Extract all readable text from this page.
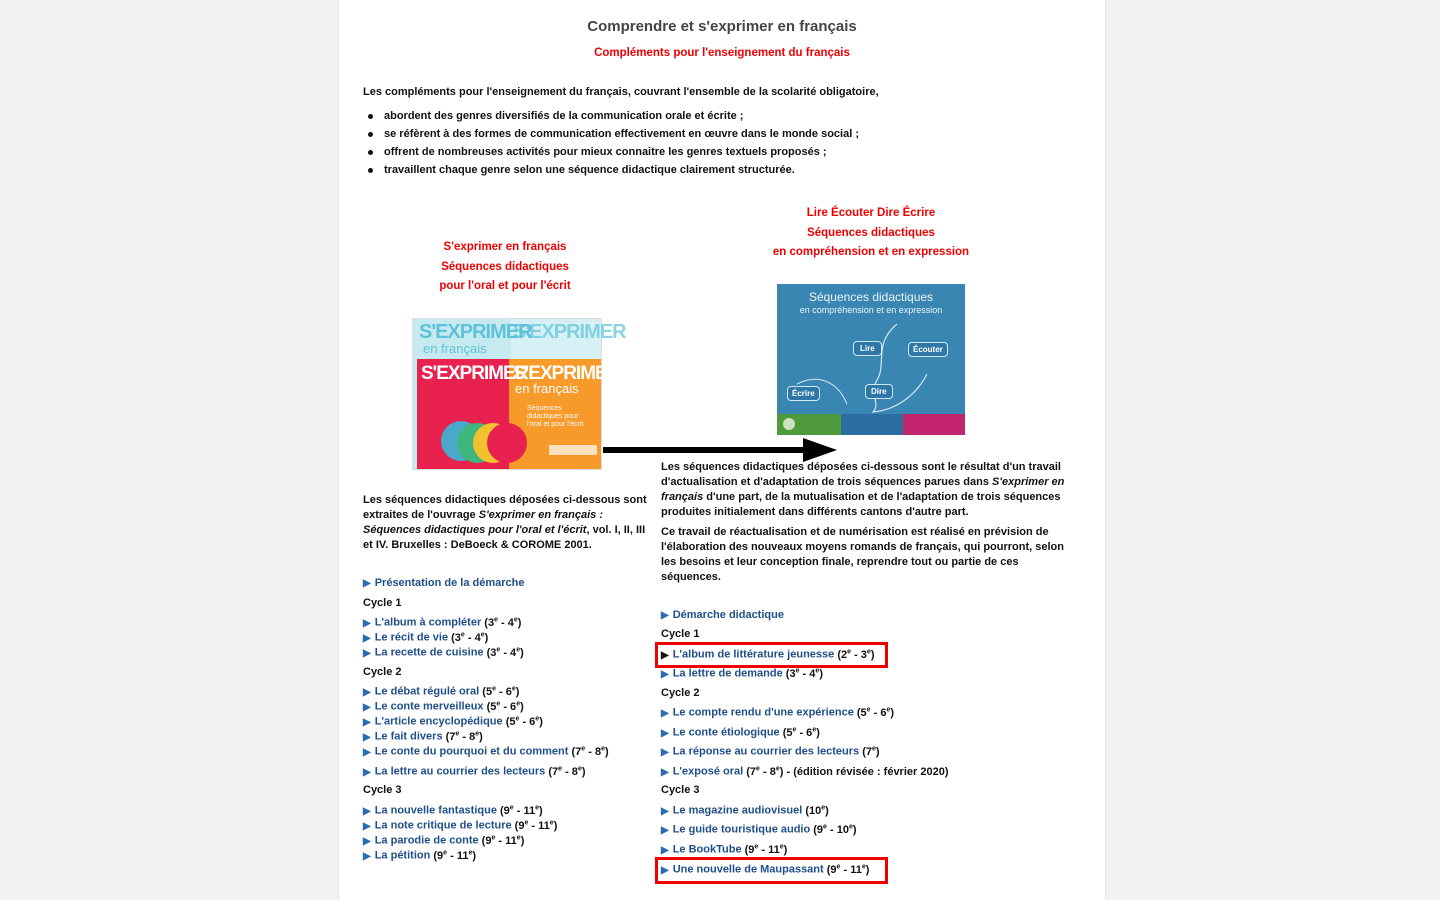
Comprendre et s'exprimer en français
Compléments pour l'enseignement du français
Les compléments pour l'enseignement du français, couvrant l'ensemble de la scolarité obligatoire,
abordent des genres diversifiés de la communication orale et écrite ;
se réfèrent à des formes de communication effectivement en œuvre dans le monde social ;
offrent de nombreuses activités pour mieux connaitre les genres textuels proposés ;
travaillent chaque genre selon une séquence didactique clairement structurée.
S'exprimer en français
Séquences didactiques
pour l'oral et pour l'écrit
S'EXPRIMER
S'EXPRIMER
en français
S'EXPRIMER
S'EXPRIMER
en français
Séquences didactiques pour l'oral et pour l'écrit
Les séquences didactiques déposées ci-dessous sont extraites de l'ouvrage S'exprimer en français : Séquences didactiques pour l'oral et l'écrit, vol. I, II, III et IV. Bruxelles : DeBoeck & COROME 2001.
▶ Présentation de la démarche
Cycle 1
▶ L'album à compléter (3e - 4e)
▶ Le récit de vie (3e - 4e)
▶ La recette de cuisine (3e - 4e)
Cycle 2
▶ Le débat régulé oral (5e - 6e)
▶ Le conte merveilleux (5e - 6e)
▶ L'article encyclopédique (5e - 6e)
▶ Le fait divers (7e - 8e)
▶ Le conte du pourquoi et du comment (7e - 8e)
▶ La lettre au courrier des lecteurs (7e - 8e)
Cycle 3
▶ La nouvelle fantastique (9e - 11e)
▶ La note critique de lecture (9e - 11e)
▶ La parodie de conte (9e - 11e)
▶ La pétition (9e - 11e)
Lire Écouter Dire Écrire
Séquences didactiques
en compréhension et en expression
Séquences didactiques
en compréhension et en expression
Lire	Écouter
Dire
Écrire
Les séquences didactiques déposées ci-dessous sont le résultat d'un travail d'actualisation et d'adaptation de trois séquences parues dans S'exprimer en français d'une part, de la mutualisation et de l'adaptation de trois séquences produites initialement dans différents cantons d'autre part.
Ce travail de réactualisation et de numérisation est réalisé en prévision de l'élaboration des nouveaux moyens romands de français, qui pourront, selon les besoins et leur conception finale, reprendre tout ou partie de ces séquences.
▶ Démarche didactique
Cycle 1
▶ L'album de littérature jeunesse (2e - 3e)
▶ La lettre de demande (3e - 4e)
Cycle 2
▶ Le compte rendu d'une expérience (5e - 6e)
▶ Le conte étiologique (5e - 6e)
▶ La réponse au courrier des lecteurs (7e)
▶ L'exposé oral (7e - 8e) - (édition révisée : février 2020)
Cycle 3
▶ Le magazine audiovisuel (10e)
▶ Le guide touristique audio (9e - 10e)
▶ Le BookTube (9e - 11e)
▶ Une nouvelle de Maupassant (9e - 11e)
